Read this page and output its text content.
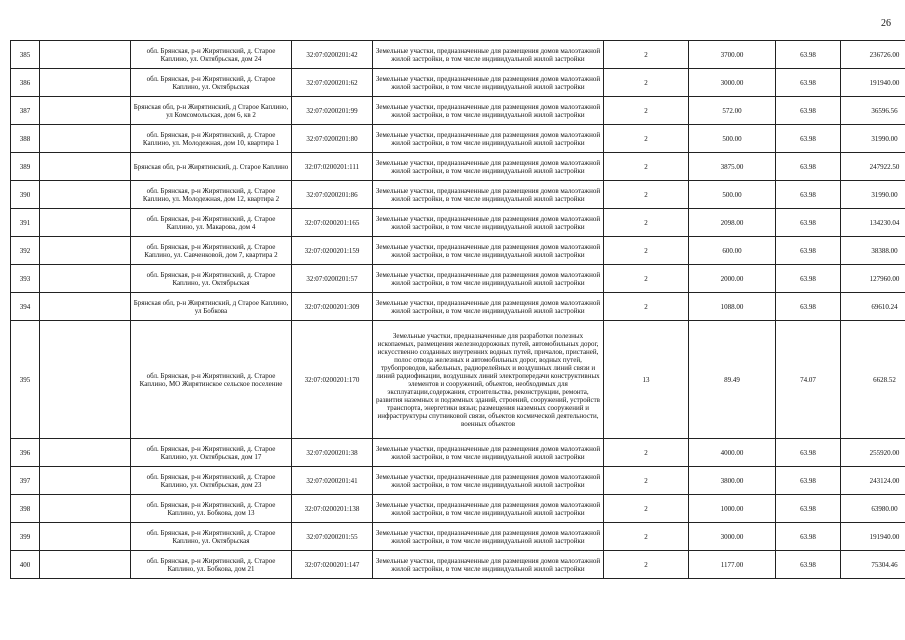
26
385		обл. Брянская, р-н Жирятинский, д. Старое Каплино, ул. Октябрьская, дом 24	32:07:0200201:42	Земельные участки, предназначенные для размещения домов малоэтажной жилой застройки, в том числе индивидуальной жилой застройки	2	3700.00	63.98	236726.00
386		обл. Брянская, р-н Жирятинский, д. Старое Каплино, ул. Октябрьская	32:07:0200201:62	Земельные участки, предназначенные для размещения домов малоэтажной жилой застройки, в том числе индивидуальной жилой застройки	2	3000.00	63.98	191940.00
387		Брянская обл, р-н Жирятинский, д Старое Каплино, ул Комсомольская, дом 6, кв 2	32:07:0200201:99	Земельные участки, предназначенные для размещения домов малоэтажной жилой застройки, в том числе индивидуальной жилой застройки	2	572.00	63.98	36596.56
388		обл. Брянская, р-н Жирятинский, д. Старое Каплино, ул. Молодежная, дом 10, квартира 1	32:07:0200201:80	Земельные участки, предназначенные для размещения домов малоэтажной жилой застройки, в том числе индивидуальной жилой застройки	2	500.00	63.98	31990.00
389		Брянская обл, р-н Жирятинский, д. Старое Каплино	32:07:0200201:111	Земельные участки, предназначенные для размещения домов малоэтажной жилой застройки, в том числе индивидуальной жилой застройки	2	3875.00	63.98	247922.50
390		обл. Брянская, р-н Жирятинский, д. Старое Каплино, ул. Молодежная, дом 12, квартира 2	32:07:0200201:86	Земельные участки, предназначенные для размещения домов малоэтажной жилой застройки, в том числе индивидуальной жилой застройки	2	500.00	63.98	31990.00
391		обл. Брянская, р-н Жирятинский, д. Старое Каплино, ул. Макарова, дом 4	32:07:0200201:165	Земельные участки, предназначенные для размещения домов малоэтажной жилой застройки, в том числе индивидуальной жилой застройки	2	2098.00	63.98	134230.04
392		обл. Брянская, р-н Жирятинский, д. Старое Каплино, ул. Савченковой, дом 7, квартира 2	32:07:0200201:159	Земельные участки, предназначенные для размещения домов малоэтажной жилой застройки, в том числе индивидуальной жилой застройки	2	600.00	63.98	38388.00
393		обл. Брянская, р-н Жирятинский, д. Старое Каплино, ул. Октябрьская	32:07:0200201:57	Земельные участки, предназначенные для размещения домов малоэтажной жилой застройки, в том числе индивидуальной жилой застройки	2	2000.00	63.98	127960.00
394		Брянская обл, р-н Жирятинский, д Старое Каплино, ул Бобкова	32:07:0200201:309	Земельные участки, предназначенные для размещения домов малоэтажной жилой застройки, в том числе индивидуальной жилой застройки	2	1088.00	63.98	69610.24
395		обл. Брянская, р-н Жирятинский, д. Старое Каплино, МО Жирятинское сельское поселение	32:07:0200201:170	Земельные участки, предназначенные для разработки полезных ископаемых, размещения железнодорожных путей, автомобильных дорог, искусственно созданных внутренних водных путей, причалов, пристаней, полос отвода железных и автомобильных дорог, водных путей, трубопроводов, кабельных, радиорелейных и воздушных линий связи и линий радиофикации, воздушных линий электропередачи конструктивных элементов и сооружений, объектов, необходимых для эксплуатации,содержания, строительства, реконструкции, ремонта, развития наземных и подземных зданий, строений, сооружений, устройств транспорта, энергетики вязьи; размещения наземных сооружений и инфраструктуры спутниковой связи, объектов космической деятельности, военных объектов	13	89.49	74.07	6628.52
396		обл. Брянская, р-н Жирятинский, д. Старое Каплино, ул. Октябрьская, дом 17	32:07:0200201:38	Земельные участки, предназначенные для размещения домов малоэтажной жилой застройки, в том числе индивидуальной жилой застройки	2	4000.00	63.98	255920.00
397		обл. Брянская, р-н Жирятинский, д. Старое Каплино, ул. Октябрьская, дом 23	32:07:0200201:41	Земельные участки, предназначенные для размещения домов малоэтажной жилой застройки, в том числе индивидуальной жилой застройки	2	3800.00	63.98	243124.00
398		обл. Брянская, р-н Жирятинский, д. Старое Каплино, ул. Бобкова, дом 13	32:07:0200201:138	Земельные участки, предназначенные для размещения домов малоэтажной жилой застройки, в том числе индивидуальной жилой застройки	2	1000.00	63.98	63980.00
399		обл. Брянская, р-н Жирятинский, д. Старое Каплино, ул. Октябрьская	32:07:0200201:55	Земельные участки, предназначенные для размещения домов малоэтажной жилой застройки, в том числе индивидуальной жилой застройки	2	3000.00	63.98	191940.00
400		обл. Брянская, р-н Жирятинский, д. Старое Каплино, ул. Бобкова, дом 21	32:07:0200201:147	Земельные участки, предназначенные для размещения домов малоэтажной жилой застройки, в том числе индивидуальной жилой застройки	2	1177.00	63.98	75304.46
